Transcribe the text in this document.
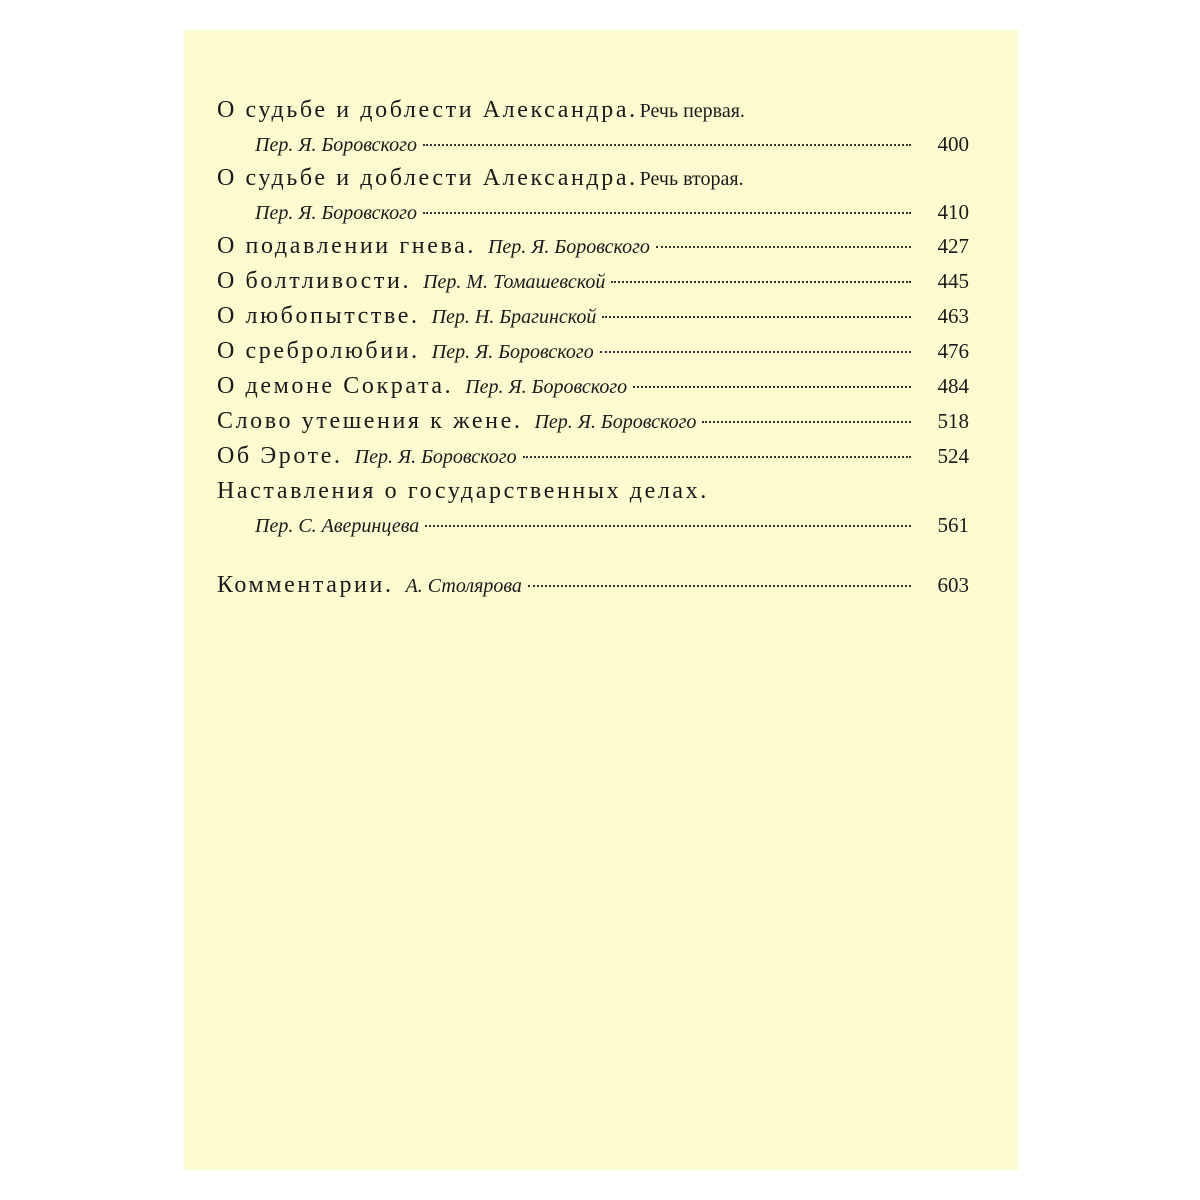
О судьбе и доблести Александра. Речь первая.
Пер. Я. Боровского	400
О судьбе и доблести Александра. Речь вторая.
Пер. Я. Боровского	410
О подавлении гнева. Пер. Я. Боровского	427
О болтливости. Пер. М. Томашевской	445
О любопытстве. Пер. Н. Брагинской	463
О сребролюбии. Пер. Я. Боровского	476
О демоне Сократа. Пер. Я. Боровского	484
Слово утешения к жене. Пер. Я. Боровского	518
Об Эроте. Пер. Я. Боровского	524
Наставления о государственных делах.
Пер. С. Аверинцева	561
Комментарии. А. Столярова	603
